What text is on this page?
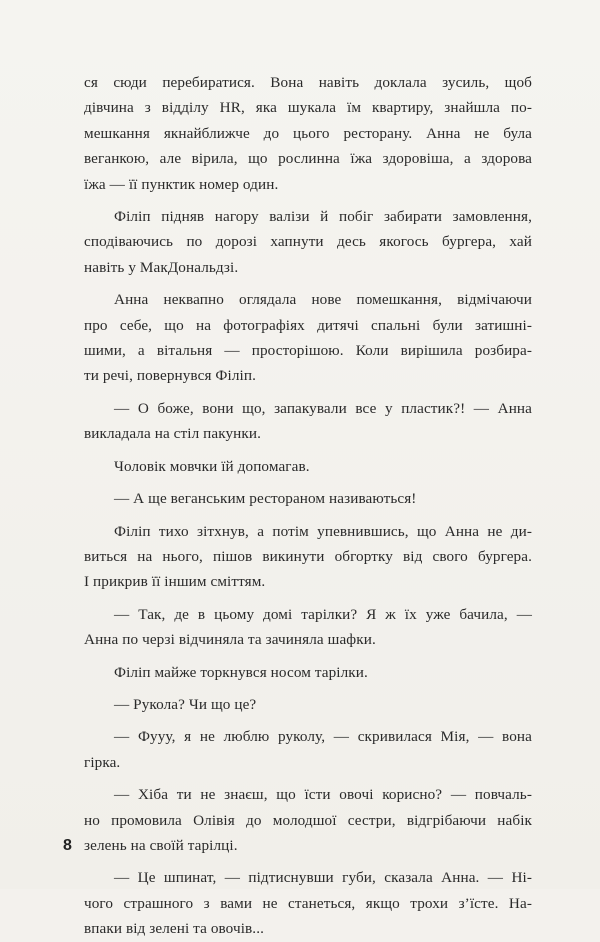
ся сюди перебиратися. Вона навіть доклала зусиль, щоб
дівчина з відділу HR, яка шукала їм квартиру, знайшла по-
мешкання якнайближче до цього ресторану. Анна не була
веганкою, але вірила, що рослинна їжа здоровіша, а здорова
їжа — її пунктик номер один.
Філіп підняв нагору валізи й побіг забирати замовлення,
сподіваючись по дорозі хапнути десь якогось бургера, хай
навіть у МакДональдзі.
Анна неквапно оглядала нове помешкання, відмічаючи
про себе, що на фотографіях дитячі спальні були затишні-
шими, а вітальня — просторішою. Коли вирішила розбира-
ти речі, повернувся Філіп.
— О боже, вони що, запакували все у пластик?! — Анна
викладала на стіл пакунки.
Чоловік мовчки їй допомагав.
— А ще веганським рестораном називаються!
Філіп тихо зітхнув, а потім упевнившись, що Анна не ди-
виться на нього, пішов викинути обгортку від свого бургера.
І прикрив її іншим сміттям.
— Так, де в цьому домі тарілки? Я ж їх уже бачила, —
Анна по черзі відчиняла та зачиняла шафки.
Філіп майже торкнувся носом тарілки.
— Рукола? Чи що це?
— Фууу, я не люблю руколу, — скривилася Мія, — вона
гірка.
— Хіба ти не знаєш, що їсти овочі корисно? — повчаль-
но промовила Олівія до молодшої сестри, відгрібаючи набік
зелень на своїй тарілці.
— Це шпинат, — підтиснувши губи, сказала Анна. — Ні-
чого страшного з вами не станеться, якщо трохи з’їсте. На-
впаки від зелені та овочів...
8
